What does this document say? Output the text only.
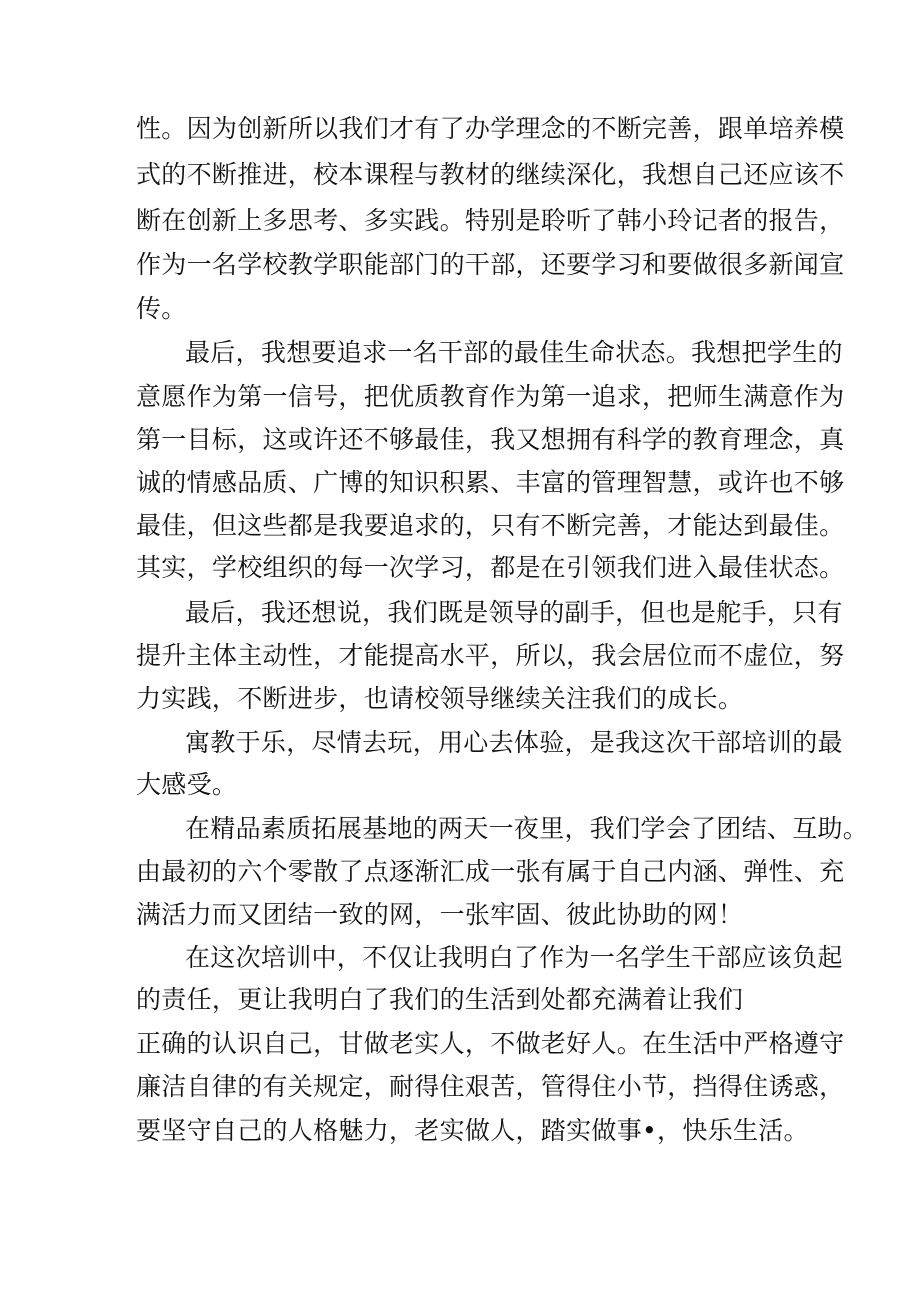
性。因为创新所以我们才有了办学理念的不断完善，跟单培养模
式的不断推进，校本课程与教材的继续深化，我想自己还应该不
断在创新上多思考、多实践。特别是聆听了韩小玲记者的报告，
作为一名学校教学职能部门的干部，还要学习和要做很多新闻宣
传。
最后，我想要追求一名干部的最佳生命状态。我想把学生的
意愿作为第一信号，把优质教育作为第一追求，把师生满意作为
第一目标，这或许还不够最佳，我又想拥有科学的教育理念，真
诚的情感品质、广博的知识积累、丰富的管理智慧，或许也不够
最佳，但这些都是我要追求的，只有不断完善，才能达到最佳。
其实，学校组织的每一次学习，都是在引领我们进入最佳状态。
最后，我还想说，我们既是领导的副手，但也是舵手，只有
提升主体主动性，才能提高水平，所以，我会居位而不虚位，努
力实践，不断进步，也请校领导继续关注我们的成长。
寓教于乐，尽情去玩，用心去体验，是我这次干部培训的最
大感受。
在精品素质拓展基地的两天一夜里，我们学会了团结、互助。
由最初的六个零散了点逐渐汇成一张有属于自己内涵、弹性、充
满活力而又团结一致的网，一张牢固、彼此协助的网！
在这次培训中，不仅让我明白了作为一名学生干部应该负起
的责任，更让我明白了我们的生活到处都充满着让我们
正确的认识自己，甘做老实人，不做老好人。在生活中严格遵守
廉洁自律的有关规定，耐得住艰苦，管得住小节，挡得住诱惑，
要坚守自己的人格魅力，老实做人，踏实做事•，快乐生活。
